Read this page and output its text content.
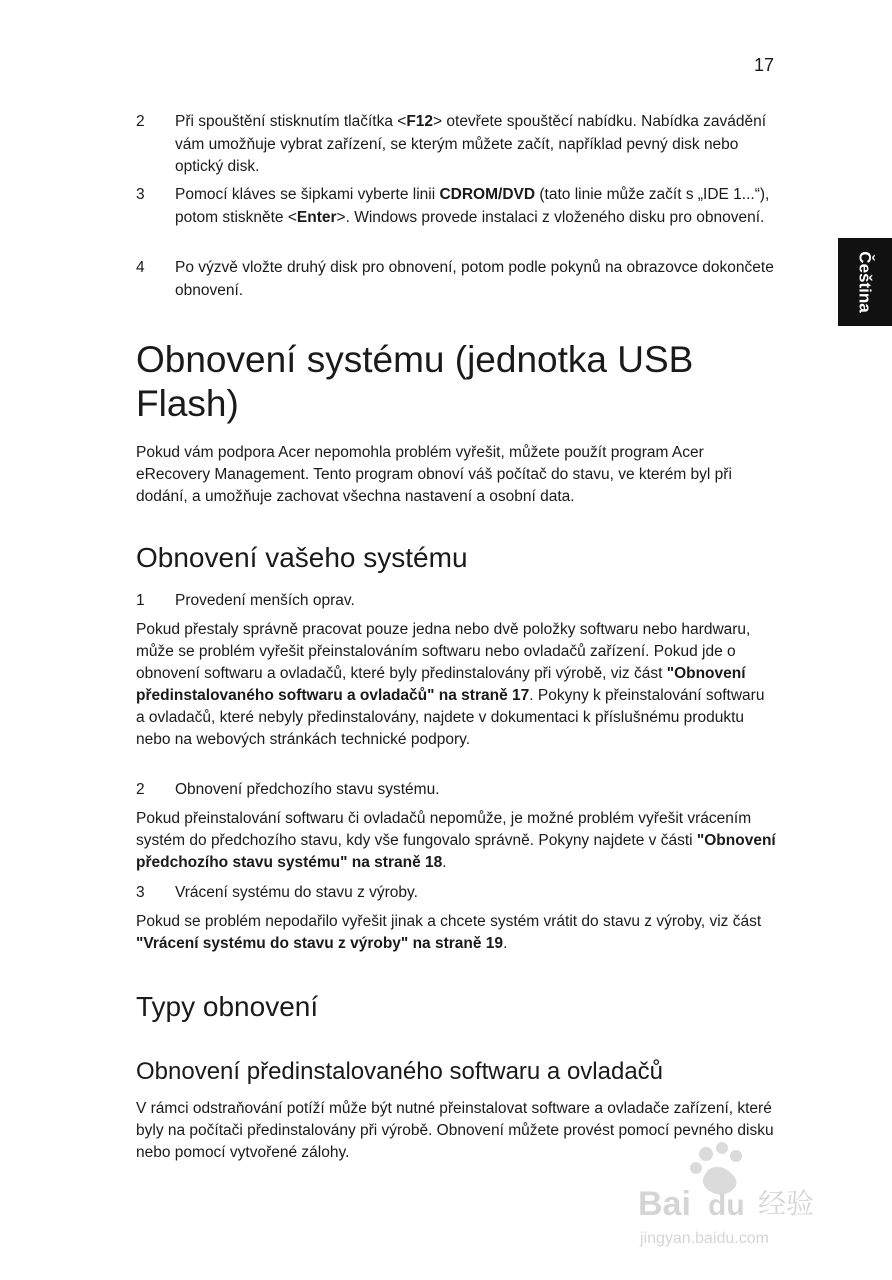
17
Čeština
2	Při spouštění stisknutím tlačítka <F12> otevřete spouštěcí nabídku. Nabídka zavádění vám umožňuje vybrat zařízení, se kterým můžete začít, například pevný disk nebo optický disk.
3	Pomocí kláves se šipkami vyberte linii CDROM/DVD (tato linie může začít s „IDE 1...“), potom stiskněte <Enter>. Windows provede instalaci z vloženého disku pro obnovení.
4	Po výzvě vložte druhý disk pro obnovení, potom podle pokynů na obrazovce dokončete obnovení.
Obnovení systému (jednotka USB Flash)
Pokud vám podpora Acer nepomohla problém vyřešit, můžete použít program Acer eRecovery Management. Tento program obnoví váš počítač do stavu, ve kterém byl při dodání, a umožňuje zachovat všechna nastavení a osobní data.
Obnovení vašeho systému
1	Provedení menších oprav.
Pokud přestaly správně pracovat pouze jedna nebo dvě položky softwaru nebo hardwaru, může se problém vyřešit přeinstalováním softwaru nebo ovladačů zařízení. Pokud jde o obnovení softwaru a ovladačů, které byly předinstalovány při výrobě, viz část "Obnovení předinstalovaného softwaru a ovladačů" na straně 17. Pokyny k přeinstalování softwaru a ovladačů, které nebyly předinstalovány, najdete v dokumentaci k příslušnému produktu nebo na webových stránkách technické podpory.
2	Obnovení předchozího stavu systému.
Pokud přeinstalování softwaru či ovladačů nepomůže, je možné problém vyřešit vrácením systém do předchozího stavu, kdy vše fungovalo správně. Pokyny najdete v části "Obnovení předchozího stavu systému" na straně 18.
3	Vrácení systému do stavu z výroby.
Pokud se problém nepodařilo vyřešit jinak a chcete systém vrátit do stavu z výroby, viz část "Vrácení systému do stavu z výroby" na straně 19.
Typy obnovení
Obnovení předinstalovaného softwaru a ovladačů
V rámci odstraňování potíží může být nutné přeinstalovat software a ovladače zařízení, které byly na počítači předinstalovány při výrobě. Obnovení můžete provést pomocí pevného disku nebo pomocí vytvořené zálohy.
Bai du 经验
jingyan.baidu.com
